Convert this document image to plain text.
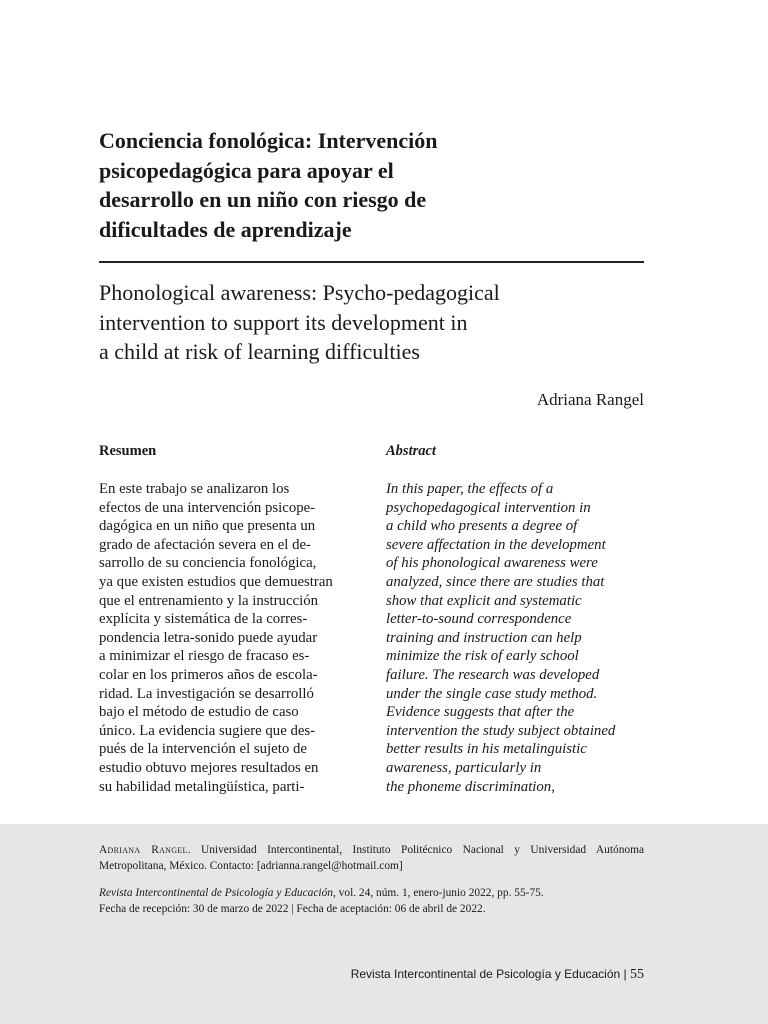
Conciencia fonológica: Intervención
psicopedagógica para apoyar el
desarrollo en un niño con riesgo de
dificultades de aprendizaje
Phonological awareness: Psycho-pedagogical
intervention to support its development in
a child at risk of learning difficulties
Adriana Rangel
Resumen	Abstract
En este trabajo se analizaron los
efectos de una intervención psicope-
dagógica en un niño que presenta un
grado de afectación severa en el de-
sarrollo de su conciencia fonológica,
ya que existen estudios que demuestran
que el entrenamiento y la instrucción
explícita y sistemática de la corres-
pondencia letra-sonido puede ayudar
a minimizar el riesgo de fracaso es-
colar en los primeros años de escola-
ridad. La investigación se desarrolló
bajo el método de estudio de caso
único. La evidencia sugiere que des-
pués de la intervención el sujeto de
estudio obtuvo mejores resultados en
su habilidad metalingüística, parti-
In this paper, the effects of a
psychopedagogical intervention in
a child who presents a degree of
severe affectation in the development
of his phonological awareness were
analyzed, since there are studies that
show that explicit and systematic
letter-to-sound correspondence
training and instruction can help
minimize the risk of early school
failure. The research was developed
under the single case study method.
Evidence suggests that after the
intervention the study subject obtained
better results in his metalinguistic
awareness, particularly in
the phoneme discrimination,
Adriana Rangel. Universidad Intercontinental, Instituto Politécnico Nacional y Universidad Autónoma
Metropolitana, México. Contacto: [adrianna.rangel@hotmail.com]
Revista Intercontinental de Psicología y Educación, vol. 24, núm. 1, enero-junio 2022, pp. 55-75.
Fecha de recepción: 30 de marzo de 2022 | Fecha de aceptación: 06 de abril de 2022.
Revista Intercontinental de Psicología y Educación | 55
